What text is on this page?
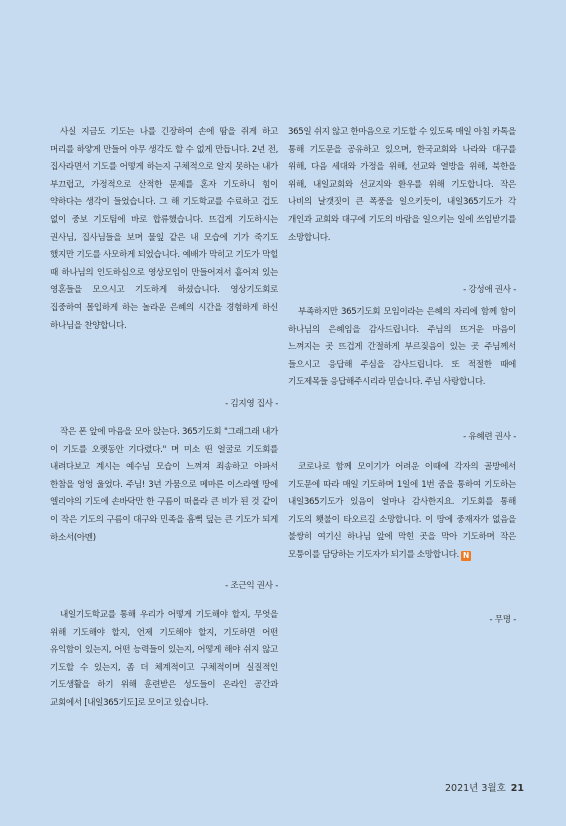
사실 지금도 기도는 나를 긴장하여 손에 땀을 쥐게 하고 머리를 하얗게 만들어 아무 생각도 할 수 없게 만듭니다. 2년 전, 집사라면서 기도를 어떻게 하는지 구체적으로 알지 못하는 내가 부끄럽고, 가정적으로 산적한 문제를 혼자 기도하니 힘이 약하다는 생각이 들었습니다. 그 해 기도학교를 수료하고 겁도 없이 중보 기도팀에 바로 합류했습니다. 뜨겁게 기도하시는 권사님, 집사님들을 보며 물잎 같은 내 모습에 기가 죽기도 했지만 기도를 사모하게 되었습니다. 예배가 막히고 기도가 막힐 때 하나님의 인도하심으로 영상모임이 만들어져서 흩어져 있는 영혼들을 모으시고 기도하게 하셨습니다. 영상기도회로 집중하여 몰입하게 하는 놀라운 은혜의 시간을 경험하게 하신 하나님을 찬양합니다.

- 김지영 집사 -

작은 폰 앞에 마음을 모아 앉는다. 365기도회 "그래그래 내가 이 기도를 오랫동안 기다렸다." 며 미소 띤 얼굴로 기도회를 내려다보고 계시는 예수님 모습이 느껴져 죄송하고 아파서 한참을 엉엉 울었다. 주님! 3년 가뭄으로 메마른 이스라엘 땅에 엘리야의 기도에 손바닥만 한 구름이 떠올라 큰 비가 된 것 같이 이 작은 기도의 구름이 대구와 민족을 흠뻑 덮는 큰 기도가 되게 하소서(아멘)

- 조근익 권사 -

내일기도학교를 통해 우리가 어떻게 기도해야 할지, 무엇을 위해 기도해야 할지, 언제 기도해야 할지, 기도하면 어떤 유익함이 있는지, 어떤 능력들이 있는지, 어떻게 해야 쉬지 않고 기도할 수 있는지, 좀 더 체계적이고 구체적이며 실질적인 기도생활을 하기 위해 훈련받은 성도들이 온라인 공간과 교회에서 [내일365기도]로 모이고 있습니다.

365일 쉬지 않고 한마음으로 기도할 수 있도록 매일 아침 카톡을 통해 기도문을 공유하고 있으며, 한국교회와 나라와 대구를 위해, 다음 세대와 가정을 위해, 선교와 열방을 위해, 북한을 위해, 내일교회와 선교지와 환우를 위해 기도합니다. 작은 나비의 날갯짓이 큰 폭풍을 일으키듯이, 내일365기도가 각 개인과 교회와 대구에 기도의 바람을 일으키는 일에 쓰임받기를 소망합니다.

- 강성애 권사 -

부족하지만 365기도회 모임이라는 은혜의 자리에 함께 함이 하나님의 은혜임을 감사드립니다. 주님의 뜨거운 마음이 느껴지는 곳 뜨겁게 간절하게 부르짖음이 있는 곳 주님께서 들으시고 응답해 주심을 감사드립니다. 또 적절한 때에 기도제목들 응답해주시리라 믿습니다. 주님 사랑합니다.

- 유혜련 권사 -

코로나로 함께 모이기가 어려운 이때에 각자의 골방에서 기도문에 따라 매일 기도하며 1일에 1번 줌을 통하여 기도하는 내일365기도가 있음이 얼마나 감사한지요. 기도회를 통해 기도의 횃불이 타오르길 소망합니다. 이 땅에 중재자가 없음을 불쌍히 여기신 하나님 앞에 막힌 곳을 막아 기도하며 작은 모퉁이를 담당하는 기도자가 되기를 소망합니다. N

- 무명 -
2021년 3월호 21
